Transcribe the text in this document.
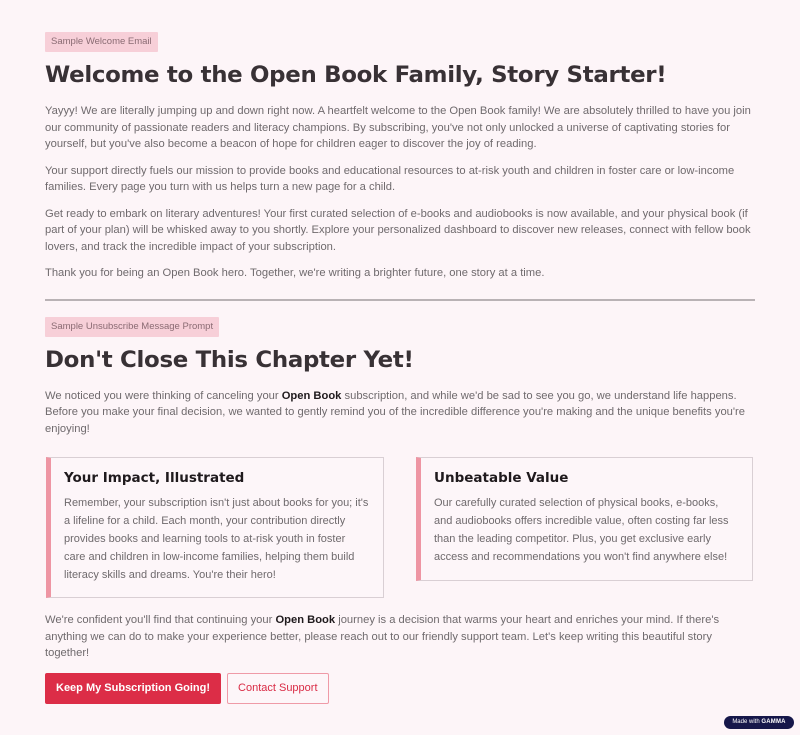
Sample Welcome Email
Welcome to the Open Book Family, Story Starter!

Yayyy! We are literally jumping up and down right now. A heartfelt welcome to the Open Book family! We are absolutely thrilled to have you join our community of passionate readers and literacy champions. By subscribing, you've not only unlocked a universe of captivating stories for yourself, but you've also become a beacon of hope for children eager to discover the joy of reading.

Your support directly fuels our mission to provide books and educational resources to at-risk youth and children in foster care or low-income families. Every page you turn with us helps turn a new page for a child.

Get ready to embark on literary adventures! Your first curated selection of e-books and audiobooks is now available, and your physical book (if part of your plan) will be whisked away to you shortly. Explore your personalized dashboard to discover new releases, connect with fellow book lovers, and track the incredible impact of your subscription.

Thank you for being an Open Book hero. Together, we're writing a brighter future, one story at a time.

Sample Unsubscribe Message Prompt
Don't Close This Chapter Yet!

We noticed you were thinking of canceling your Open Book subscription, and while we'd be sad to see you go, we understand life happens. Before you make your final decision, we wanted to gently remind you of the incredible difference you're making and the unique benefits you're enjoying!

Your Impact, Illustrated

Remember, your subscription isn't just about books for you; it's a lifeline for a child. Each month, your contribution directly provides books and learning tools to at-risk youth in foster care and children in low-income families, helping them build literacy skills and dreams. You're their hero!

Unbeatable Value

Our carefully curated selection of physical books, e-books, and audiobooks offers incredible value, often costing far less than the leading competitor. Plus, you get exclusive early access and recommendations you won't find anywhere else!

We're confident you'll find that continuing your Open Book journey is a decision that warms your heart and enriches your mind. If there's anything we can do to make your experience better, please reach out to our friendly support team. Let's keep writing this beautiful story together!

Keep My Subscription Going!	Contact Support
Made with GAMMA
